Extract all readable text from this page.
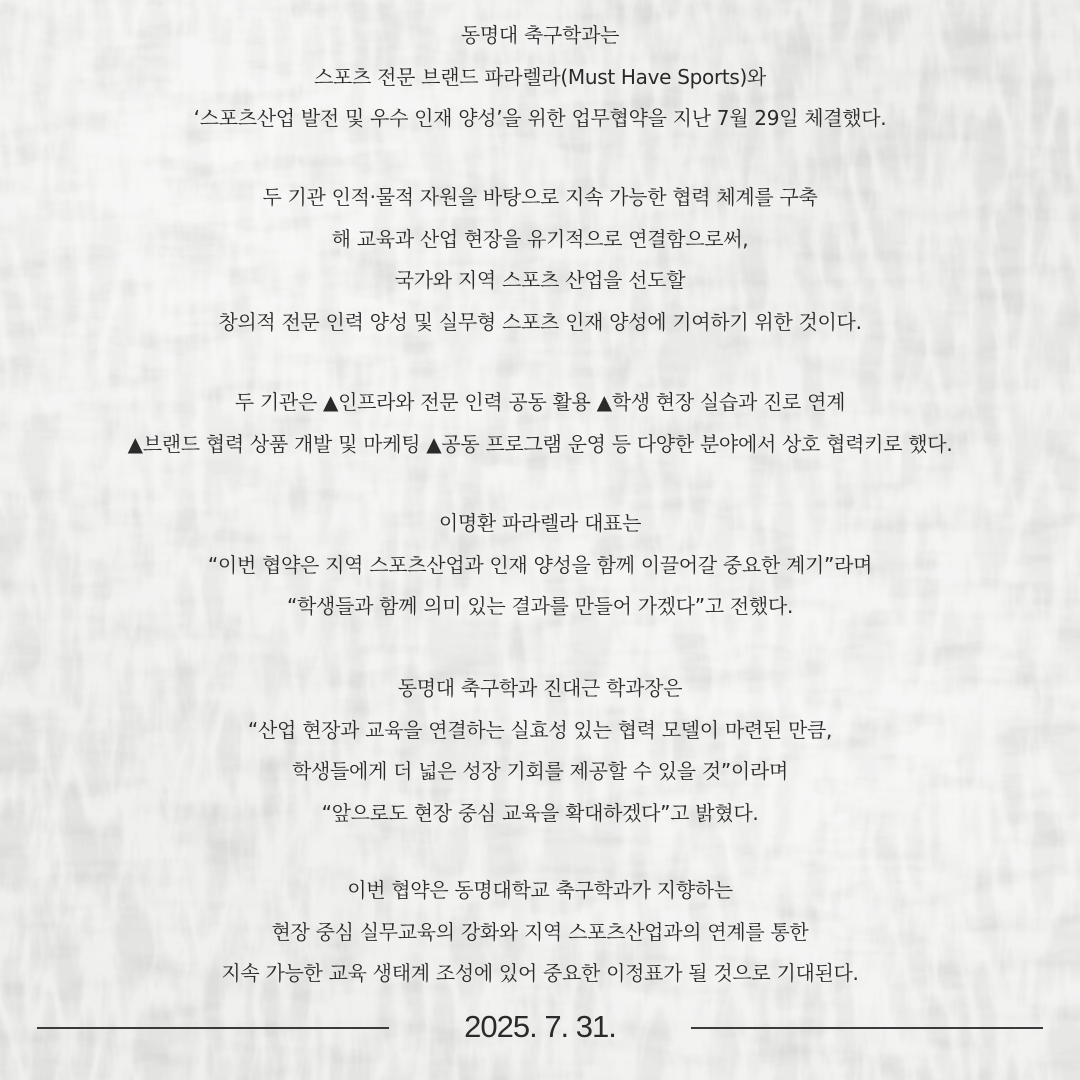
동명대 축구학과는
스포츠 전문 브랜드 파라렐라(Must Have Sports)와
‘스포츠산업 발전 및 우수 인재 양성’을 위한 업무협약을 지난 7월 29일 체결했다.
두 기관 인적·물적 자원을 바탕으로 지속 가능한 협력 체계를 구축
해 교육과 산업 현장을 유기적으로 연결함으로써,
국가와 지역 스포츠 산업을 선도할
창의적 전문 인력 양성 및 실무형 스포츠 인재 양성에 기여하기 위한 것이다.
두 기관은 ▲인프라와 전문 인력 공동 활용 ▲학생 현장 실습과 진로 연계
▲브랜드 협력 상품 개발 및 마케팅 ▲공동 프로그램 운영 등 다양한 분야에서 상호 협력키로 했다.
이명환 파라렐라 대표는
“이번 협약은 지역 스포츠산업과 인재 양성을 함께 이끌어갈 중요한 계기”라며
“학생들과 함께 의미 있는 결과를 만들어 가겠다”고 전했다.
동명대 축구학과 진대근 학과장은
“산업 현장과 교육을 연결하는 실효성 있는 협력 모델이 마련된 만큼,
학생들에게 더 넓은 성장 기회를 제공할 수 있을 것”이라며
“앞으로도 현장 중심 교육을 확대하겠다”고 밝혔다.
이번 협약은 동명대학교 축구학과가 지향하는
현장 중심 실무교육의 강화와 지역 스포츠산업과의 연계를 통한
지속 가능한 교육 생태계 조성에 있어 중요한 이정표가 될 것으로 기대된다.
2025. 7. 31.
